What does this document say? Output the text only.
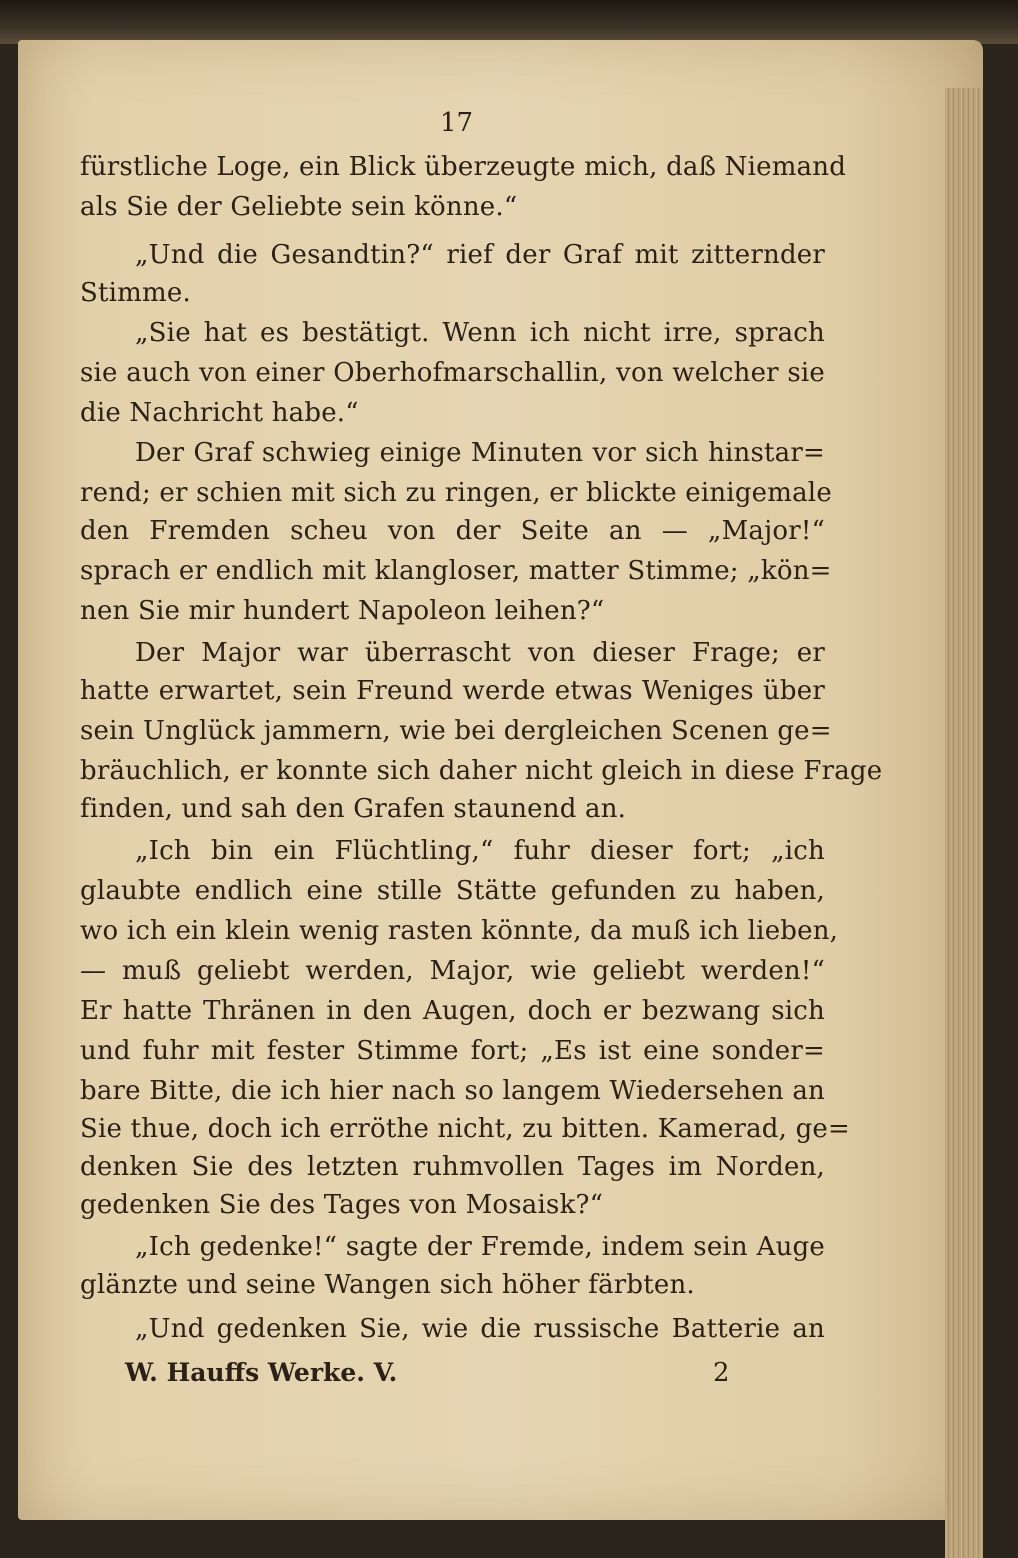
17
fürstliche Loge, ein Blick überzeugte mich, daß Niemand
als Sie der Geliebte sein könne.“
„Und die Gesandtin?“ rief der Graf mit zitternder
Stimme.
„Sie hat es bestätigt. Wenn ich nicht irre, sprach
sie auch von einer Oberhofmarschallin, von welcher sie
die Nachricht habe.“
Der Graf schwieg einige Minuten vor sich hinstar=
rend; er schien mit sich zu ringen, er blickte einigemale
den Fremden scheu von der Seite an — „Major!“
sprach er endlich mit klangloser, matter Stimme; „kön=
nen Sie mir hundert Napoleon leihen?“
Der Major war überrascht von dieser Frage; er
hatte erwartet, sein Freund werde etwas Weniges über
sein Unglück jammern, wie bei dergleichen Scenen ge=
bräuchlich, er konnte sich daher nicht gleich in diese Frage
finden, und sah den Grafen staunend an.
„Ich bin ein Flüchtling,“ fuhr dieser fort; „ich
glaubte endlich eine stille Stätte gefunden zu haben,
wo ich ein klein wenig rasten könnte, da muß ich lieben,
— muß geliebt werden, Major, wie geliebt werden!“
Er hatte Thränen in den Augen, doch er bezwang sich
und fuhr mit fester Stimme fort; „Es ist eine sonder=
bare Bitte, die ich hier nach so langem Wiedersehen an
Sie thue, doch ich erröthe nicht, zu bitten. Kamerad, ge=
denken Sie des letzten ruhmvollen Tages im Norden,
gedenken Sie des Tages von Mosaisk?“
„Ich gedenke!“ sagte der Fremde, indem sein Auge
glänzte und seine Wangen sich höher färbten.
„Und gedenken Sie, wie die russische Batterie an
W. Hauffs Werke. V.	2
